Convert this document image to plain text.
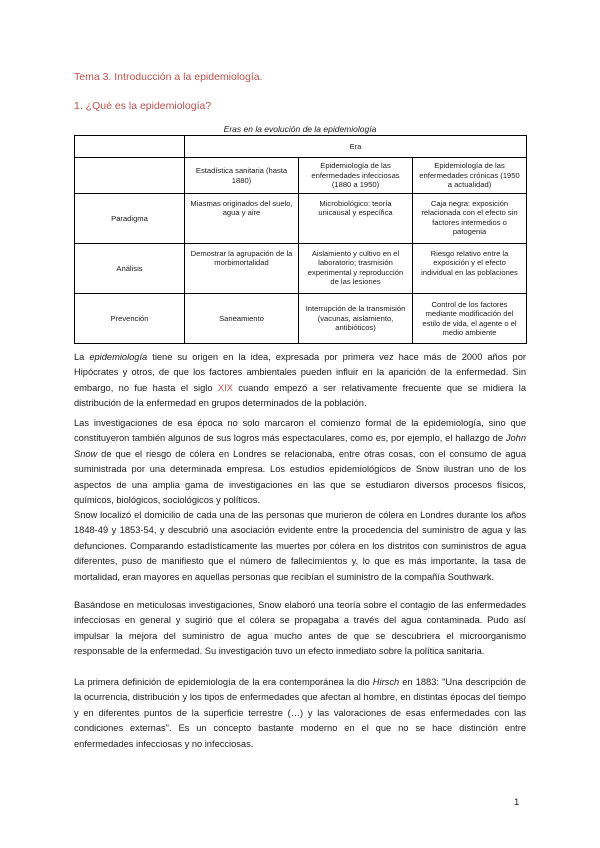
Tema 3. Introducción a la epidemiología.
1. ¿Qué es la epidemiología?
Eras en la evolución de la epidemiología
	Era		
	Estadística sanitaria (hasta 1880)	Epidemiología de las enfermedades infecciosas (1880 a 1950)	Epidemiología de las enfermedades crónicas (1950 a actualidad)
Paradigma	Miasmas originados del suelo, agua y aire	Microbiológico: teoría unicausal y específica	Caja negra: exposición relacionada con el efecto sin factores intermedios o patogenia
Análisis	Demostrar la agrupación de la morbimortalidad	Aislamiento y cultivo en el laboratorio; trasmisión experimental y reproducción de las lesiones	Riesgo relativo entre la exposición y el efecto individual en las poblaciones
Prevención	Saneamiento	Interrupción de la transmisión (vacunas, aislamiento, antibióticos)	Control de los factores mediante modificación del estilo de vida, el agente o el medio ambiente

La epidemiología tiene su origen en la idea, expresada por primera vez hace más de 2000 años por Hipócrates y otros, de que los factores ambientales pueden influir en la aparición de la enfermedad. Sin embargo, no fue hasta el siglo XIX cuando empezó a ser relativamente frecuente que se midiera la distribución de la enfermedad en grupos determinados de la población.

Las investigaciones de esa época no solo marcaron el comienzo formal de la epidemiología, sino que constituyeron también algunos de sus logros más espectaculares, como es, por ejemplo, el hallazgo de John Snow de que el riesgo de cólera en Londres se relacionaba, entre otras cosas, con el consumo de agua suministrada por una determinada empresa. Los estudios epidemiológicos de Snow ilustran uno de los aspectos de una amplia gama de investigaciones en las que se estudiaron diversos procesos físicos, químicos, biológicos, sociológicos y políticos.

Snow localizó el domicilio de cada una de las personas que murieron de cólera en Londres durante los años 1848-49 y 1853-54, y descubrió una asociación evidente entre la procedencia del suministro de agua y las defunciones. Comparando estadísticamente las muertes por cólera en los distritos con suministros de agua diferentes, puso de manifiesto que el número de fallecimientos y, lo que es más importante, la tasa de mortalidad, eran mayores en aquellas personas que recibían el suministro de la compañía Southwark.

Basándose en meticulosas investigaciones, Snow elaboró una teoría sobre el contagio de las enfermedades infecciosas en general y sugirió que el cólera se propagaba a través del agua contaminada. Pudo así impulsar la mejora del suministro de agua mucho antes de que se descubriera el microorganismo responsable de la enfermedad. Su investigación tuvo un efecto inmediato sobre la política sanitaria.

La primera definición de epidemiología de la era contemporánea la dio Hirsch en 1883: "Una descripción de la ocurrencia, distribución y los tipos de enfermedades que afectan al hombre, en distintas épocas del tiempo y en diferentes puntos de la superficie terrestre (…) y las valoraciones de esas enfermedades con las condiciones externas". Es un concepto bastante moderno en el que no se hace distinción entre enfermedades infecciosas y no infecciosas.

1
